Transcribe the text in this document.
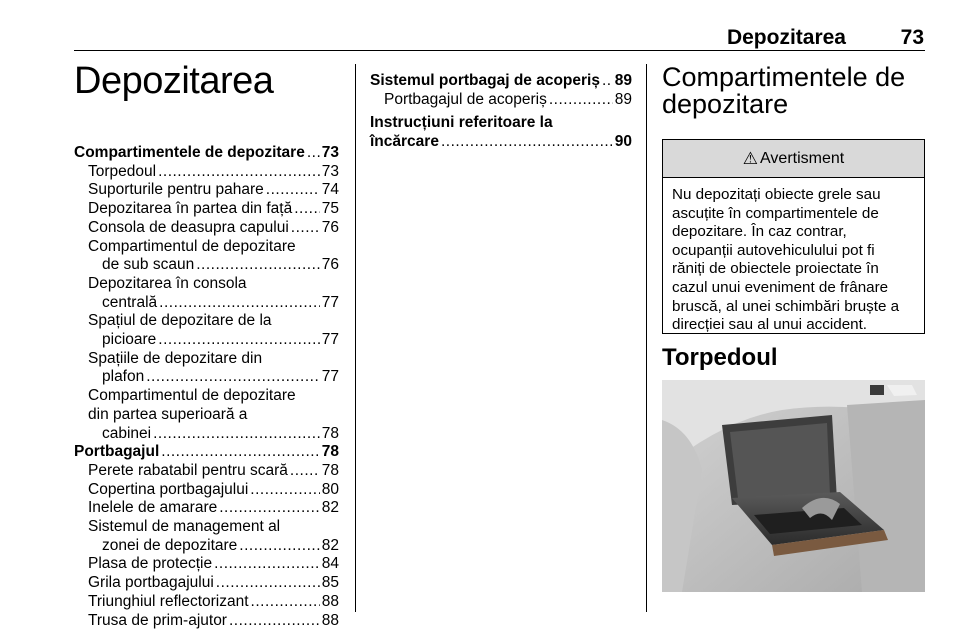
Depozitarea	73
Depozitarea
Compartimentele de depozitare ..... 73
Torpedoul .....	73
Suporturile pentru pahare .....	74
Depozitarea în partea din față ..... 75
Consola de deasupra capului ..... 76
Compartimentul de depozitare
de sub scaun .....	76
Depozitarea în consola
centrală .....	77
Spațiul de depozitare de la
picioare .....	77
Spațiile de depozitare din
plafon .....	77
Compartimentul de depozitare
din partea superioară a
cabinei .....	78
Portbagajul .....	78
Perete rabatabil pentru scară ..... 78
Copertina portbagajului .....	80
Inelele de amarare .....	82
Sistemul de management al
zonei de depozitare .....	82
Plasa de protecție .....	84
Grila portbagajului .....	85
Triunghiul reflectorizant .....	88
Trusa de prim-ajutor .....	88
Sistemul portbagaj de acoperiș ..... 89
Portbagajul de acoperiș .....	89
Instrucțiuni referitoare la
încărcare .....	90
Compartimentele de
depozitare
⚠ Avertisment
Nu depozitați obiecte grele sau
ascuțite în compartimentele de
depozitare. În caz contrar,
ocupanții autovehiculului pot fi
răniți de obiectele proiectate în
cazul unui eveniment de frânare
bruscă, al unei schimbări bruște a
direcției sau al unui accident.
Torpedoul
